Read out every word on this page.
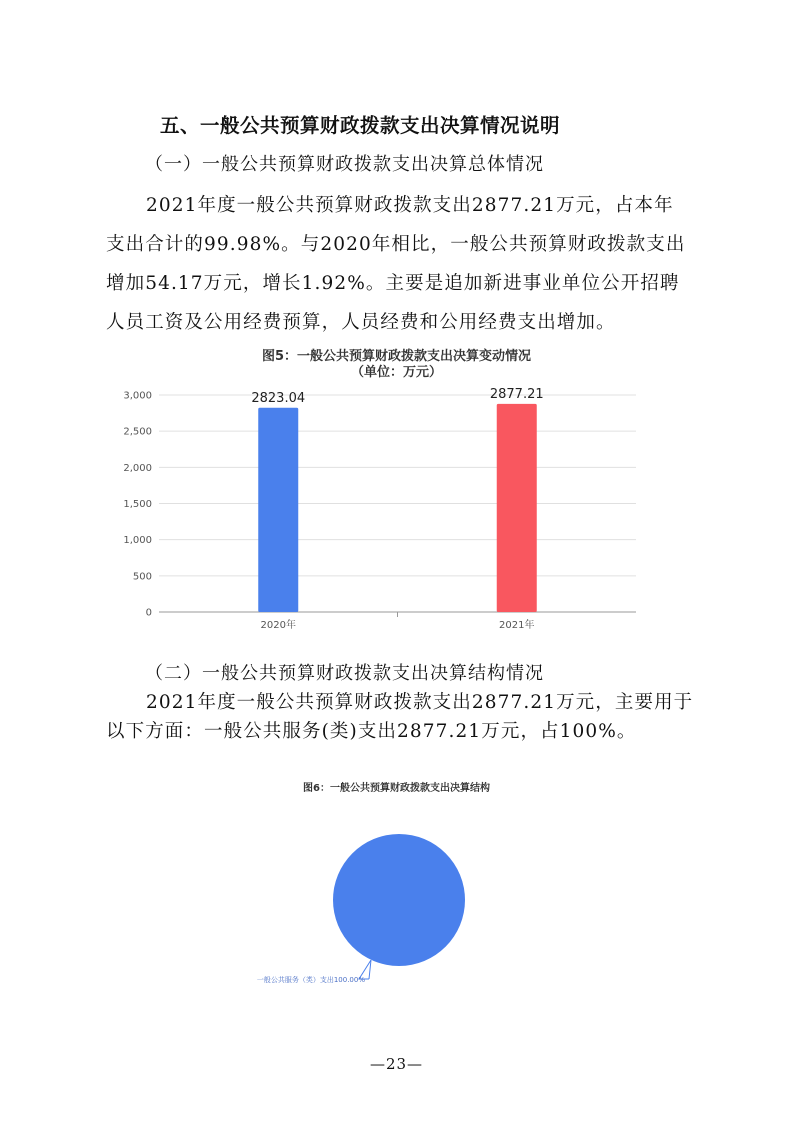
五、一般公共预算财政拨款支出决算情况说明
（一）一般公共预算财政拨款支出决算总体情况
2021年度一般公共预算财政拨款支出2877.21万元，占本年
支出合计的99.98%。与2020年相比，一般公共预算财政拨款支出
增加54.17万元，增长1.92%。主要是追加新进事业单位公开招聘
人员工资及公用经费预算，人员经费和公用经费支出增加。
图5：一般公共预算财政拨款支出决算变动情况
（单位：万元）
0
500
1,000
1,500
2,000
2,500
3,000	2823.04
2020年
2877.21
2021年
（二）一般公共预算财政拨款支出决算结构情况
2021年度一般公共预算财政拨款支出2877.21万元，主要用于
以下方面：一般公共服务(类)支出2877.21万元，占100%。
图6：一般公共预算财政拨款支出决算结构
一般公共服务（类）支出100.00%
—23—
